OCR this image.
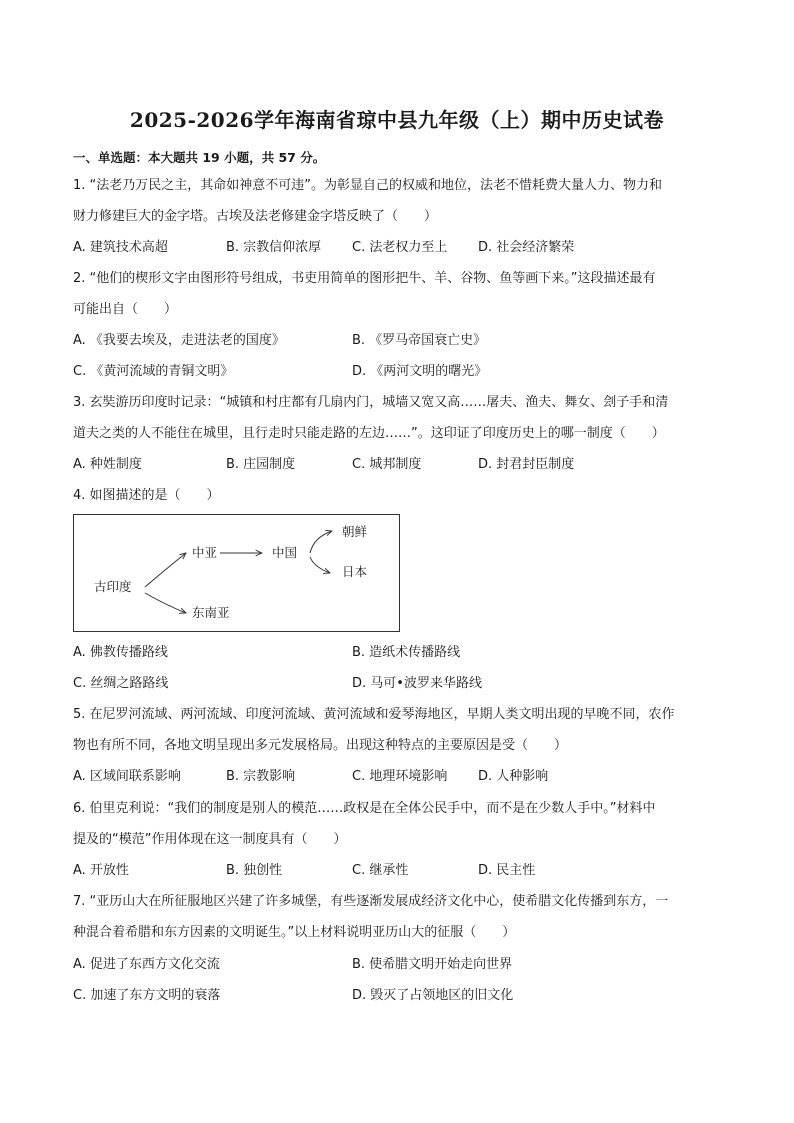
2025-2026学年海南省琼中县九年级（上）期中历史试卷
一、单选题：本大题共 19 小题，共 57 分。
1. “法老乃万民之主，其命如神意不可违”。为彰显自己的权威和地位，法老不惜耗费大量人力、物力和
财力修建巨大的金字塔。古埃及法老修建金字塔反映了（　　）
A. 建筑技术高超	B. 宗教信仰浓厚 C. 法老权力至上 D. 社会经济繁荣
2. “他们的楔形文字由图形符号组成，书吏用简单的图形把牛、羊、谷物、鱼等画下来。”这段描述最有
可能出自（　　）
A. 《我要去埃及，走进法老的国度》	B. 《罗马帝国衰亡史》
C. 《黄河流域的青铜文明》	D. 《两河文明的曙光》
3. 玄奘游历印度时记录：“城镇和村庄都有几扇内门，城墙又宽又高……屠夫、渔夫、舞女、刽子手和清
道夫之类的人不能住在城里，且行走时只能走路的左边……”。这印证了印度历史上的哪一制度（　　）
A. 种姓制度	B. 庄园制度	C. 城邦制度	D. 封君封臣制度
4. 如图描述的是（　　）
古印度
中亚	中国
朝鲜
日本
东南亚
A. 佛教传播路线	B. 造纸术传播路线
C. 丝绸之路路线	D. 马可•波罗来华路线
5. 在尼罗河流域、两河流域、印度河流域、黄河流域和爱琴海地区，早期人类文明出现的早晚不同，农作
物也有所不同，各地文明呈现出多元发展格局。出现这种特点的主要原因是受（　　）
A. 区域间联系影响	B. 宗教影响	C. 地理环境影响 D. 人种影响
6. 伯里克利说：“我们的制度是别人的模范……政权是在全体公民手中，而不是在少数人手中。”材料中
提及的“模范”作用体现在这一制度具有（　　）
A. 开放性	B. 独创性	C. 继承性	D. 民主性
7. “亚历山大在所征服地区兴建了许多城堡，有些逐渐发展成经济文化中心，使希腊文化传播到东方，一
种混合着希腊和东方因素的文明诞生。”以上材料说明亚历山大的征服（　　）
A. 促进了东西方文化交流	B. 使希腊文明开始走向世界
C. 加速了东方文明的衰落	D. 毁灭了占领地区的旧文化
